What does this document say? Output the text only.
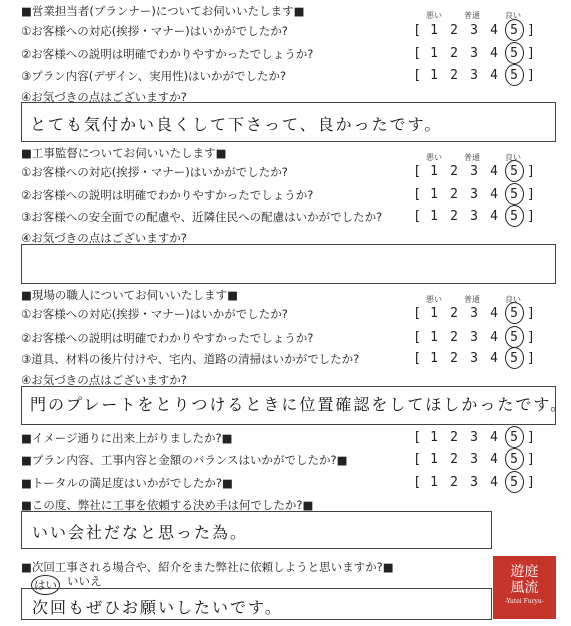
■営業担当者(プランナー)についてお伺いいたします■	悪い	普通	良い
①お客様への対応(挨拶・マナー)はいかがでしたか?	[ 1 2 3 4 5 ]
②お客様への説明は明確でわかりやすかったでしょうか?	[ 1 2 3 4 5 ]
③プラン内容(デザイン、実用性)はいかがでしたか?	[ 1 2 3 4 5 ]
④お気づきの点はございますか?
とても気付かい良くして下さって、良かったです。
■工事監督についてお伺いいたします■	悪い	普通	良い
①お客様への対応(挨拶・マナー)はいかがでしたか?	[ 1 2 3 4 5 ]
②お客様への説明は明確でわかりやすかったでしょうか?	[ 1 2 3 4 5 ]
③お客様への安全面での配慮や、近隣住民への配慮はいかがでしたか? [ 1 2 3 4 5 ]
④お気づきの点はございますか?
■現場の職人についてお伺いいたします■	悪い	普通	良い
①お客様への対応(挨拶・マナー)はいかがでしたか?	[ 1 2 3 4 5 ]
②お客様への説明は明確でわかりやすかったでしょうか?	[ 1 2 3 4 5 ]
③道具、材料の後片付けや、宅内、道路の清掃はいかがでしたか?	[ 1 2 3 4 5 ]
④お気づきの点はございますか?
門のプレートをとりつけるときに位置確認をしてほしかったです。
■イメージ通りに出来上がりましたか?■	[ 1 2 3 4 5 ]
■プラン内容、工事内容と金額のバランスはいかがでしたか?■	[ 1 2 3 4 5 ]
■トータルの満足度はいかがでしたか?■	[ 1 2 3 4 5 ]
■この度、弊社に工事を依頼する決め手は何でしたか?■
いい会社だなと思った為。
■次回工事される場合や、紹介をまた弊社に依頼しようと思いますか?■
はい いいえ
次回もぜひお願いしたいです。
遊庭風流
-Yutei Furyu-
